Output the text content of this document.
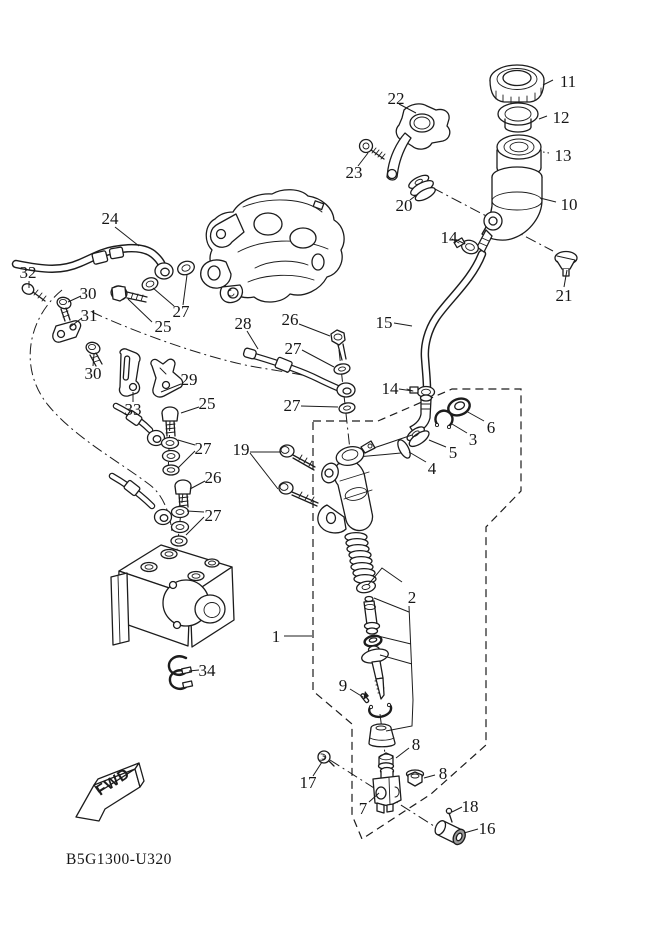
FWD
B5G1300-U320
11
12
13
10
21
22
23
20
14
15
14
6
3
5
4
24
32
30
31
30
33
29
25
27
28 26
27
27
25
27 19
26
27
2
1
34
9
8
8
7	18
16
17
